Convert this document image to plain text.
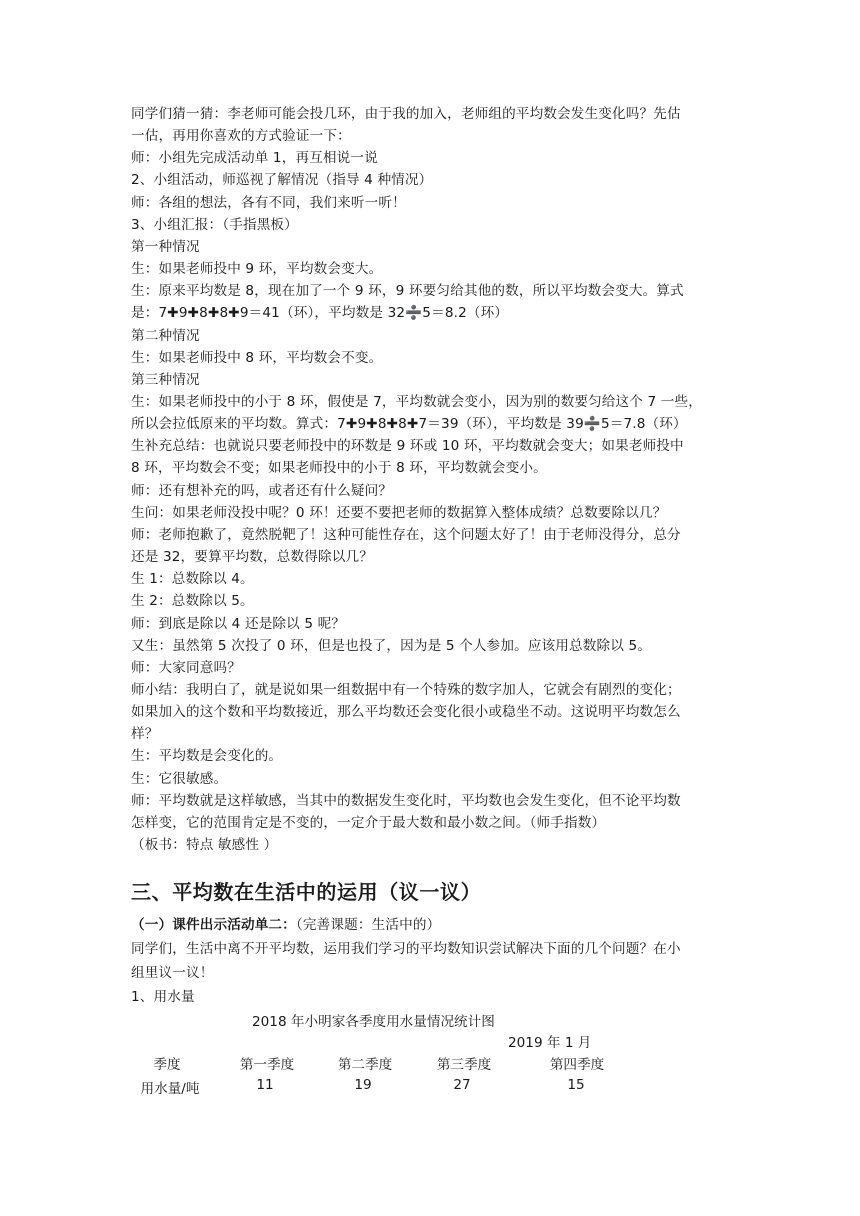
同学们猜一猜：李老师可能会投几环，由于我的加入，老师组的平均数会发生变化吗？先估
一估，再用你喜欢的方式验证一下：
师：小组先完成活动单 1，再互相说一说
2、小组活动，师巡视了解情况（指导 4 种情况）
师：各组的想法，各有不同，我们来听一听！
3、小组汇报：（手指黑板）
第一种情况
生：如果老师投中 9 环，平均数会变大。
生：原来平均数是 8，现在加了一个 9 环，9 环要匀给其他的数，所以平均数会变大。算式
是：7✚9✚8✚8✚9＝41（环），平均数是 32➗5＝8.2（环）
第二种情况
生：如果老师投中 8 环，平均数会不变。
第三种情况
生：如果老师投中的小于 8 环，假使是 7，平均数就会变小，因为别的数要匀给这个 7 一些，
所以会拉低原来的平均数。算式：7✚9✚8✚8✚7＝39（环），平均数是 39➗5＝7.8（环）
生补充总结：也就说只要老师投中的环数是 9 环或 10 环，平均数就会变大；如果老师投中
8 环，平均数会不变；如果老师投中的小于 8 环，平均数就会变小。
师：还有想补充的吗，或者还有什么疑问？
生问：如果老师没投中呢？0 环！还要不要把老师的数据算入整体成绩？总数要除以几？
师：老师抱歉了，竟然脱靶了！这种可能性存在，这个问题太好了！由于老师没得分，总分
还是 32，要算平均数，总数得除以几？
生 1：总数除以 4。
生 2：总数除以 5。
师：到底是除以 4 还是除以 5 呢？
又生：虽然第 5 次投了 0 环，但是也投了，因为是 5 个人参加。应该用总数除以 5。
师：大家同意吗？
师小结：我明白了，就是说如果一组数据中有一个特殊的数字加人，它就会有剧烈的变化；
如果加入的这个数和平均数接近，那么平均数还会变化很小或稳坐不动。这说明平均数怎么
样？
生：平均数是会变化的。
生：它很敏感。
师：平均数就是这样敏感，当其中的数据发生变化时，平均数也会发生变化，但不论平均数
怎样变，它的范围肯定是不变的，一定介于最大数和最小数之间。（师手指数）
（板书：特点 敏感性 ）
三、平均数在生活中的运用（议一议）
（一）课件出示活动单二：（完善课题：生活中的）
同学们，生活中离不开平均数，运用我们学习的平均数知识尝试解决下面的几个问题？在小
组里议一议！
1、用水量
2018 年小明家各季度用水量情况统计图
2019 年 1 月
季度	第一季度	第二季度	第三季度	第四季度
用水量/吨	11	19	27	15
